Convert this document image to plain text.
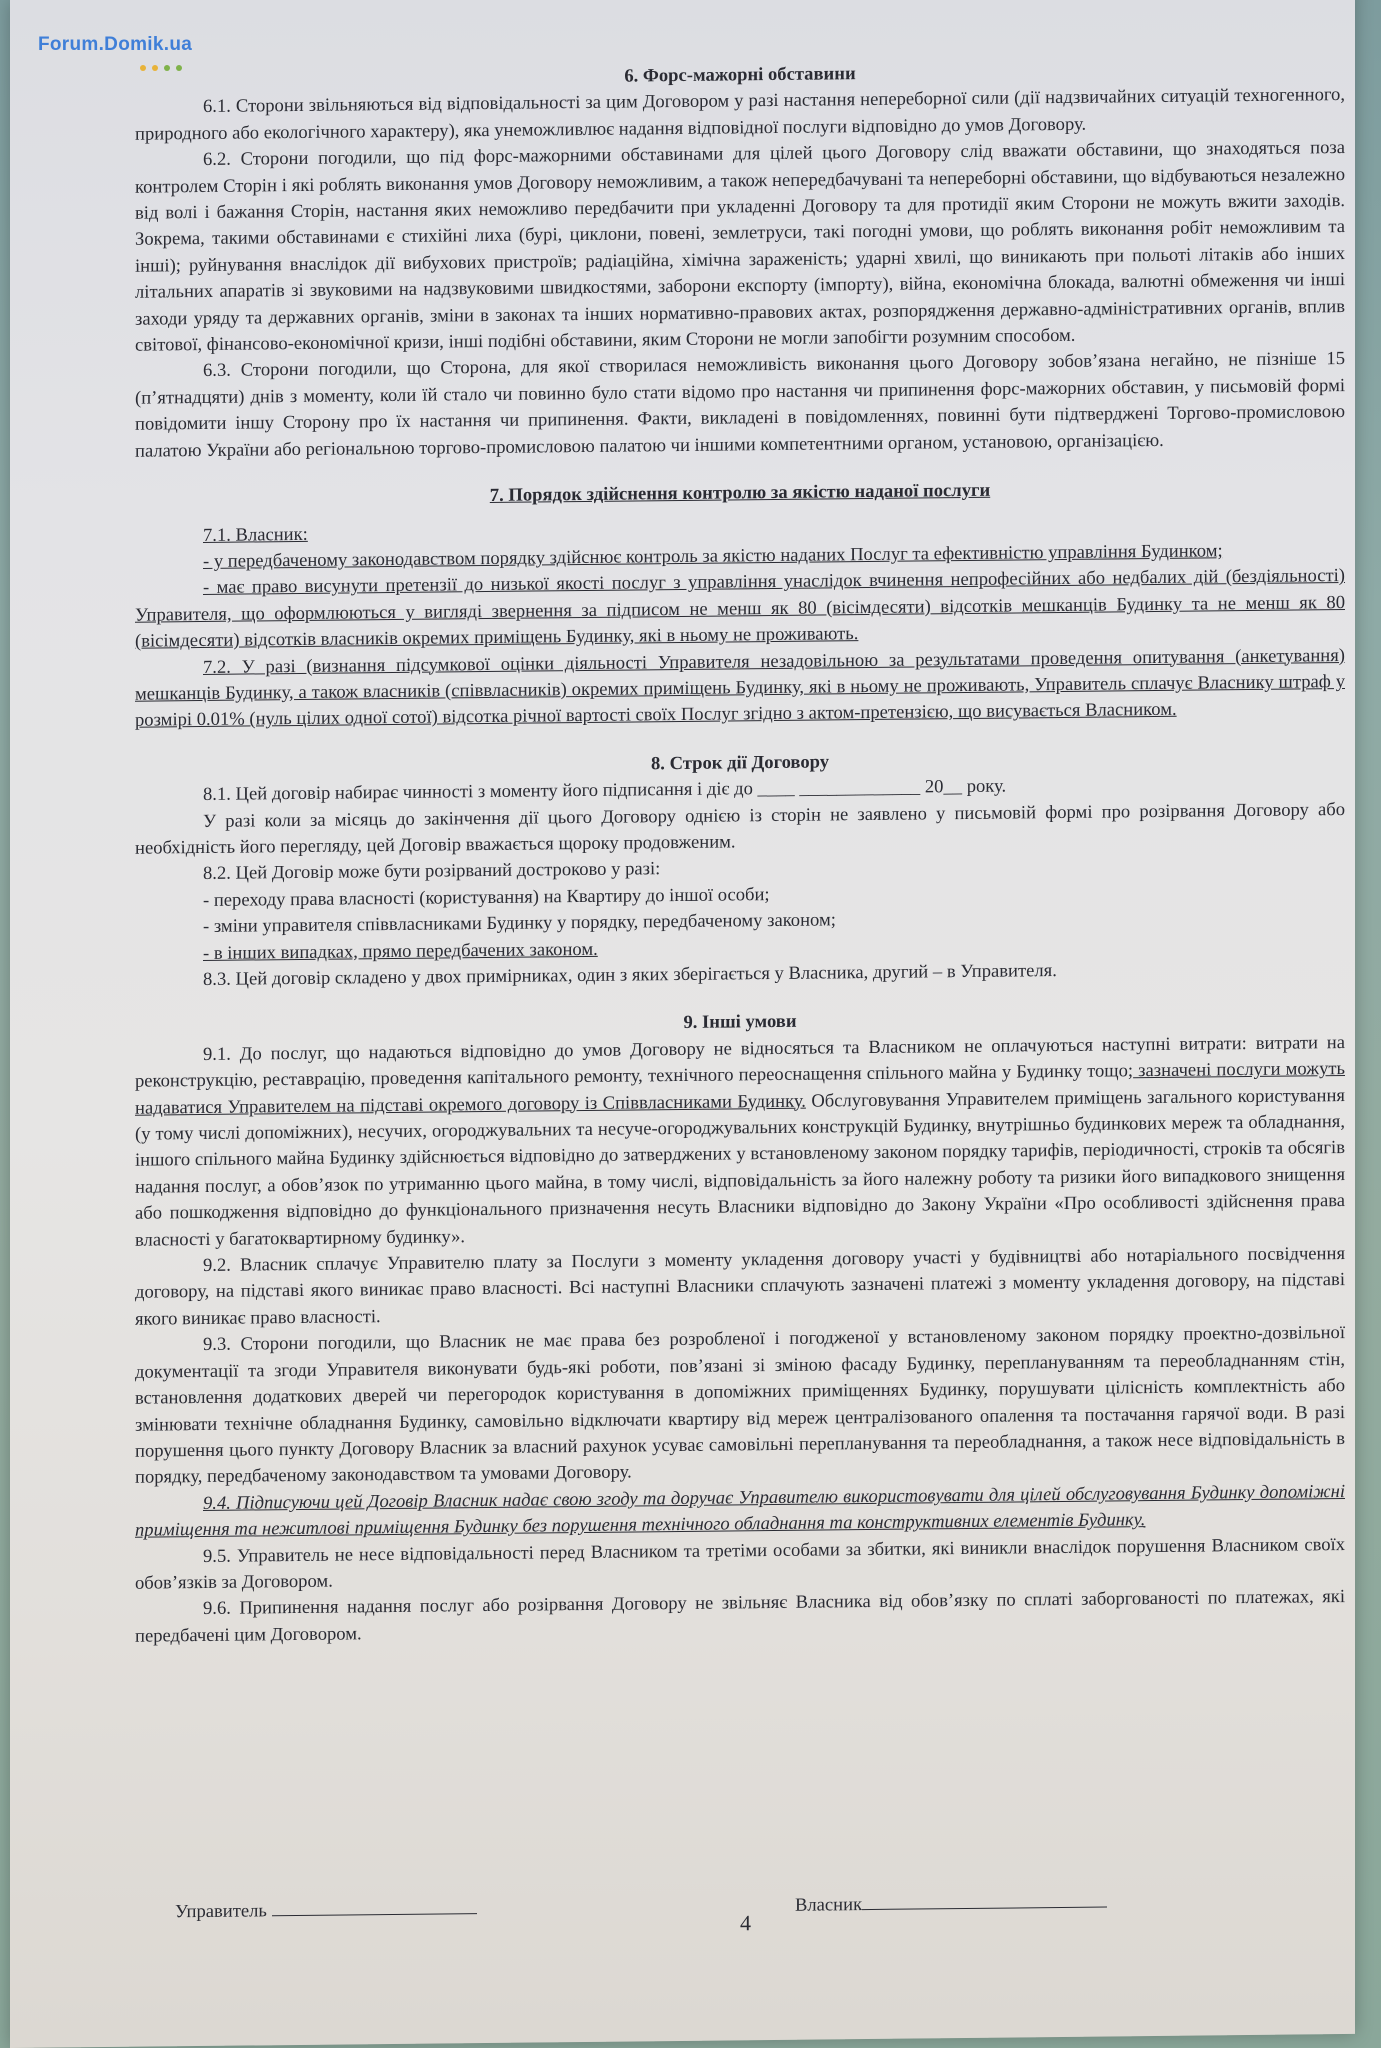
6. Форс-мажорні обставини

6.1. Сторони звільняються від відповідальності за цим Договором у разі настання непереборної сили (дії надзвичайних ситуацій техногенного, природного або екологічного характеру), яка унеможливлює надання відповідної послуги відповідно до умов Договору.

6.2. Сторони погодили, що під форс-мажорними обставинами для цілей цього Договору слід вважати обставини, що знаходяться поза контролем Сторін і які роблять виконання умов Договору неможливим, а також непередбачувані та непереборні обставини, що відбуваються незалежно від волі і бажання Сторін, настання яких неможливо передбачити при укладенні Договору та для протидії яким Сторони не можуть вжити заходів. Зокрема, такими обставинами є стихійні лиха (бурі, циклони, повені, землетруси, такі погодні умови, що роблять виконання робіт неможливим та інші); руйнування внаслідок дії вибухових пристроїв; радіаційна, хімічна зараженість; ударні хвилі, що виникають при польоті літаків або інших літальних апаратів зі звуковими на надзвуковими швидкостями, заборони експорту (імпорту), війна, економічна блокада, валютні обмеження чи інші заходи уряду та державних органів, зміни в законах та інших нормативно-правових актах, розпорядження державно-адміністративних органів, вплив світової, фінансово-економічної кризи, інші подібні обставини, яким Сторони не могли запобігти розумним способом.

6.3. Сторони погодили, що Сторона, для якої створилася неможливість виконання цього Договору зобов’язана негайно, не пізніше 15 (п’ятнадцяти) днів з моменту, коли їй стало чи повинно було стати відомо про настання чи припинення форс-мажорних обставин, у письмовій формі повідомити іншу Сторону про їх настання чи припинення. Факти, викладені в повідомленнях, повинні бути підтверджені Торгово-промисловою палатою України або регіональною торгово-промисловою палатою чи іншими компетентними органом, установою, організацією.

7. Порядок здійснення контролю за якістю наданої послуги

7.1. Власник:

- у передбаченому законодавством порядку здійснює контроль за якістю наданих Послуг та ефективністю управління Будинком;

- має право висунути претензії до низької якості послуг з управління унаслідок вчинення непрофесійних або недбалих дій (бездіяльності) Управителя, що оформлюються у вигляді звернення за підписом не менш як 80 (вісімдесяти) відсотків мешканців Будинку та не менш як 80 (вісімдесяти) відсотків власників окремих приміщень Будинку, які в ньому не проживають.

7.2. У разі (визнання підсумкової оцінки діяльності Управителя незадовільною за результатами проведення опитування (анкетування) мешканців Будинку, а також власників (співвласників) окремих приміщень Будинку, які в ньому не проживають, Управитель сплачує Власнику штраф у розмірі 0.01% (нуль цілих одної сотої) відсотка річної вартості своїх Послуг згідно з актом-претензією, що висувається Власником.

8. Строк дії Договору

8.1. Цей договір набирає чинності з моменту його підписання і діє до ____ _____________ 20__ року.

У разі коли за місяць до закінчення дії цього Договору однією із сторін не заявлено у письмовій формі про розірвання Договору або необхідність його перегляду, цей Договір вважається щороку продовженим.

8.2. Цей Договір може бути розірваний достроково у разі:

- переходу права власності (користування) на Квартиру до іншої особи;

- зміни управителя співвласниками Будинку у порядку, передбаченому законом;

- в інших випадках, прямо передбачених законом.

8.3. Цей договір складено у двох примірниках, один з яких зберігається у Власника, другий – в Управителя.

9. Інші умови

9.1. До послуг, що надаються відповідно до умов Договору не відносяться та Власником не оплачуються наступні витрати: витрати на реконструкцію, реставрацію, проведення капітального ремонту, технічного переоснащення спільного майна у Будинку тощо; зазначені послуги можуть надаватися Управителем на підставі окремого договору із Співвласниками Будинку. Обслуговування Управителем приміщень загального користування (у тому числі допоміжних), несучих, огороджувальних та несуче-огороджувальних конструкцій Будинку, внутрішньо будинкових мереж та обладнання, іншого спільного майна Будинку здійснюється відповідно до затверджених у встановленому законом порядку тарифів, періодичності, строків та обсягів надання послуг, а обов’язок по утриманню цього майна, в тому числі, відповідальність за його належну роботу та ризики його випадкового знищення або пошкодження відповідно до функціонального призначення несуть Власники відповідно до Закону України «Про особливості здійснення права власності у багатоквартирному будинку».

9.2. Власник сплачує Управителю плату за Послуги з моменту укладення договору участі у будівництві або нотаріального посвідчення договору, на підставі якого виникає право власності. Всі наступні Власники сплачують зазначені платежі з моменту укладення договору, на підставі якого виникає право власності.

9.3. Сторони погодили, що Власник не має права без розробленої і погодженої у встановленому законом порядку проектно-дозвільної документації та згоди Управителя виконувати будь-які роботи, пов’язані зі зміною фасаду Будинку, переплануванням та переобладнанням стін, встановлення додаткових дверей чи перегородок користування в допоміжних приміщеннях Будинку, порушувати цілісність комплектність або змінювати технічне обладнання Будинку, самовільно відключати квартиру від мереж централізованого опалення та постачання гарячої води. В разі порушення цього пункту Договору Власник за власний рахунок усуває самовільні перепланування та переобладнання, а також несе відповідальність в порядку, передбаченому законодавством та умовами Договору.

9.4. Підписуючи цей Договір Власник надає свою згоду та доручає Управителю використовувати для цілей обслуговування Будинку допоміжні приміщення та нежитлові приміщення Будинку без порушення технічного обладнання та конструктивних елементів Будинку.

9.5. Управитель не несе відповідальності перед Власником та третіми особами за збитки, які виникли внаслідок порушення Власником своїх обов’язків за Договором.

9.6. Припинення надання послуг або розірвання Договору не звільняє Власника від обов’язку по сплаті заборгованості по платежах, які передбачені цим Договором.

Управитель	4
Власник
Forum.Domik.ua
